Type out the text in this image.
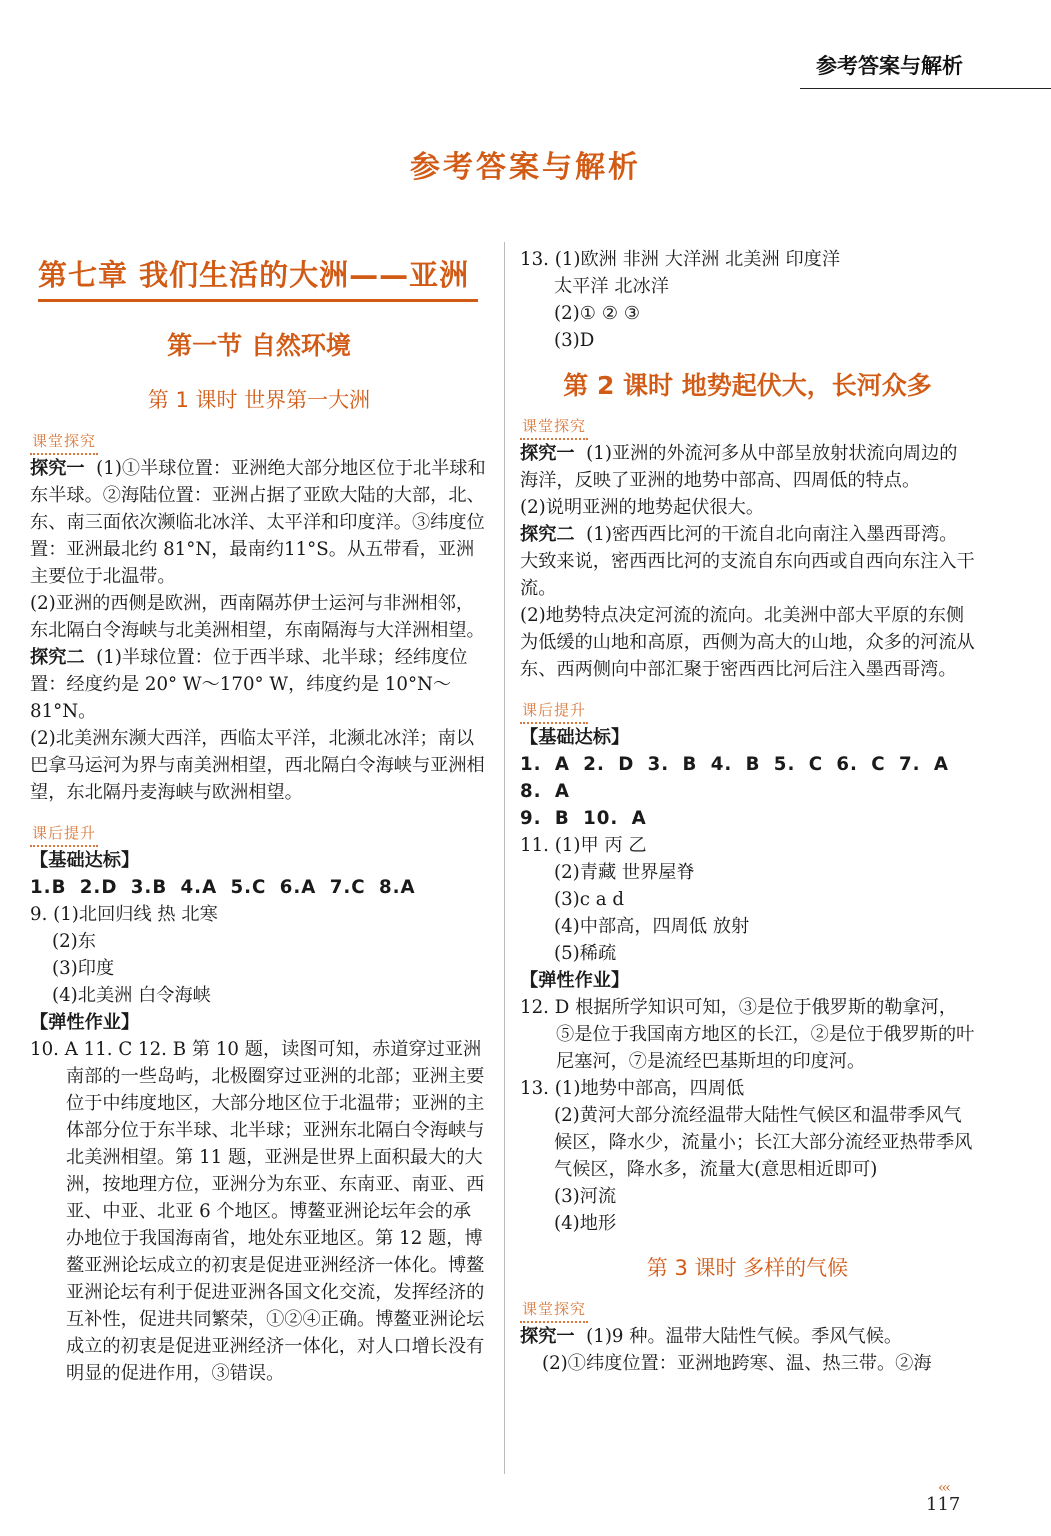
参考答案与解析
参考答案与解析
第七章 我们生活的大洲——亚洲
第一节 自然环境
第 1 课时 世界第一大洲
课堂探究

探究一 (1)①半球位置：亚洲绝大部分地区位于北半球和东半球。②海陆位置：亚洲占据了亚欧大陆的大部，北、东、南三面依次濒临北冰洋、太平洋和印度洋。③纬度位置：亚洲最北约 81°N，最南约11°S。从五带看，亚洲主要位于北温带。

(2)亚洲的西侧是欧洲，西南隔苏伊士运河与非洲相邻，东北隔白令海峡与北美洲相望，东南隔海与大洋洲相望。

探究二 (1)半球位置：位于西半球、北半球；经纬度位置：经度约是 20° W～170° W，纬度约是 10°N～81°N。

(2)北美洲东濒大西洋，西临太平洋，北濒北冰洋；南以巴拿马运河为界与南美洲相望，西北隔白令海峡与亚洲相望，东北隔丹麦海峡与欧洲相望。

课后提升

【基础达标】

1.B 2.D 3.B 4.A 5.C 6.A 7.C 8.A

9. (1)北回归线 热 北寒

(2)东

(3)印度

(4)北美洲 白令海峡

【弹性作业】

10. A 11. C 12. B 第 10 题，读图可知，赤道穿过亚洲南部的一些岛屿，北极圈穿过亚洲的北部；亚洲主要位于中纬度地区，大部分地区位于北温带；亚洲的主体部分位于东半球、北半球；亚洲东北隔白令海峡与北美洲相望。第 11 题，亚洲是世界上面积最大的大洲，按地理方位，亚洲分为东亚、东南亚、南亚、西亚、中亚、北亚 6 个地区。博鳌亚洲论坛年会的承办地位于我国海南省，地处东亚地区。第 12 题，博鳌亚洲论坛成立的初衷是促进亚洲经济一体化。博鳌亚洲论坛有利于促进亚洲各国文化交流，发挥经济的互补性，促进共同繁荣，①②④正确。博鳌亚洲论坛成立的初衷是促进亚洲经济一体化，对人口增长没有明显的促进作用，③错误。

13. (1)欧洲 非洲 大洋洲 北美洲 印度洋

太平洋 北冰洋

(2)① ② ③

(3)D

第 2 课时 地势起伏大，长河众多
课堂探究

探究一 (1)亚洲的外流河多从中部呈放射状流向周边的海洋，反映了亚洲的地势中部高、四周低的特点。

(2)说明亚洲的地势起伏很大。

探究二 (1)密西西比河的干流自北向南注入墨西哥湾。大致来说，密西西比河的支流自东向西或自西向东注入干流。

(2)地势特点决定河流的流向。北美洲中部大平原的东侧为低缓的山地和高原，西侧为高大的山地，众多的河流从东、西两侧向中部汇聚于密西西比河后注入墨西哥湾。

课后提升

【基础达标】

1. A 2. D 3. B 4. B 5. C 6. C 7. A 8. A

9. B 10. A

11. (1)甲 丙 乙

(2)青藏 世界屋脊

(3)c a d

(4)中部高，四周低 放射

(5)稀疏

【弹性作业】

12. D 根据所学知识可知，③是位于俄罗斯的勒拿河，⑤是位于我国南方地区的长江，②是位于俄罗斯的叶尼塞河，⑦是流经巴基斯坦的印度河。

13. (1)地势中部高，四周低

(2)黄河大部分流经温带大陆性气候区和温带季风气候区，降水少，流量小；长江大部分流经亚热带季风气候区，降水多，流量大(意思相近即可)

(3)河流

(4)地形

第 3 课时 多样的气候
课堂探究

探究一 (1)9 种。温带大陆性气候。季风气候。

(2)①纬度位置：亚洲地跨寒、温、热三带。②海

‹‹‹
117
